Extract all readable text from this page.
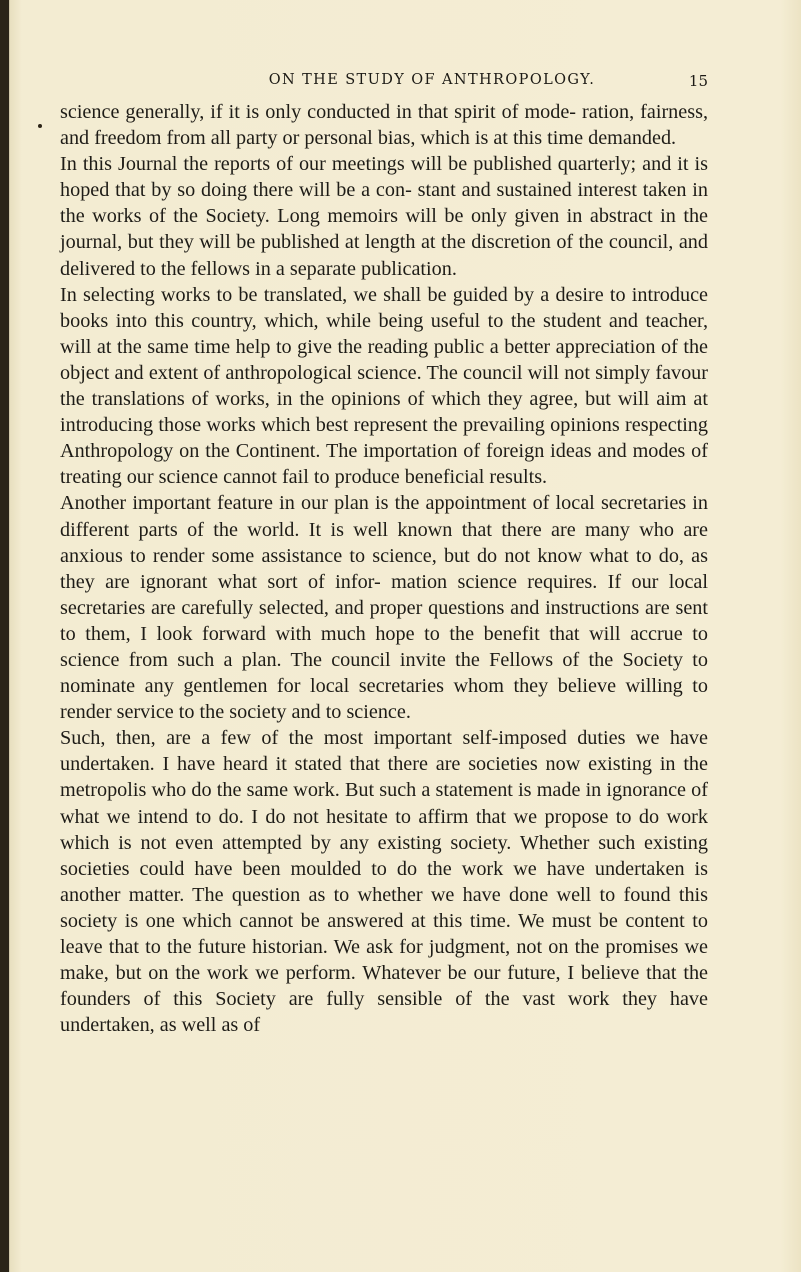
ON THE STUDY OF ANTHROPOLOGY.	15

science generally, if it is only conducted in that spirit of mode- ration, fairness, and freedom from all party or personal bias, which is at this time demanded.

In this Journal the reports of our meetings will be published quarterly; and it is hoped that by so doing there will be a con- stant and sustained interest taken in the works of the Society. Long memoirs will be only given in abstract in the journal, but they will be published at length at the discretion of the council, and delivered to the fellows in a separate publication.

In selecting works to be translated, we shall be guided by a desire to introduce books into this country, which, while being useful to the student and teacher, will at the same time help to give the reading public a better appreciation of the object and extent of anthropological science. The council will not simply favour the translations of works, in the opinions of which they agree, but will aim at introducing those works which best represent the prevailing opinions respecting Anthropology on the Continent. The importation of foreign ideas and modes of treating our science cannot fail to produce beneficial results.

Another important feature in our plan is the appointment of local secretaries in different parts of the world. It is well known that there are many who are anxious to render some assistance to science, but do not know what to do, as they are ignorant what sort of infor- mation science requires. If our local secretaries are carefully selected, and proper questions and instructions are sent to them, I look forward with much hope to the benefit that will accrue to science from such a plan. The council invite the Fellows of the Society to nominate any gentlemen for local secretaries whom they believe willing to render service to the society and to science.

Such, then, are a few of the most important self-imposed duties we have undertaken. I have heard it stated that there are societies now existing in the metropolis who do the same work. But such a statement is made in ignorance of what we intend to do. I do not hesitate to affirm that we propose to do work which is not even attempted by any existing society. Whether such existing societies could have been moulded to do the work we have undertaken is another matter. The question as to whether we have done well to found this society is one which cannot be answered at this time. We must be content to leave that to the future historian. We ask for judgment, not on the promises we make, but on the work we perform. Whatever be our future, I believe that the founders of this Society are fully sensible of the vast work they have undertaken, as well as of
